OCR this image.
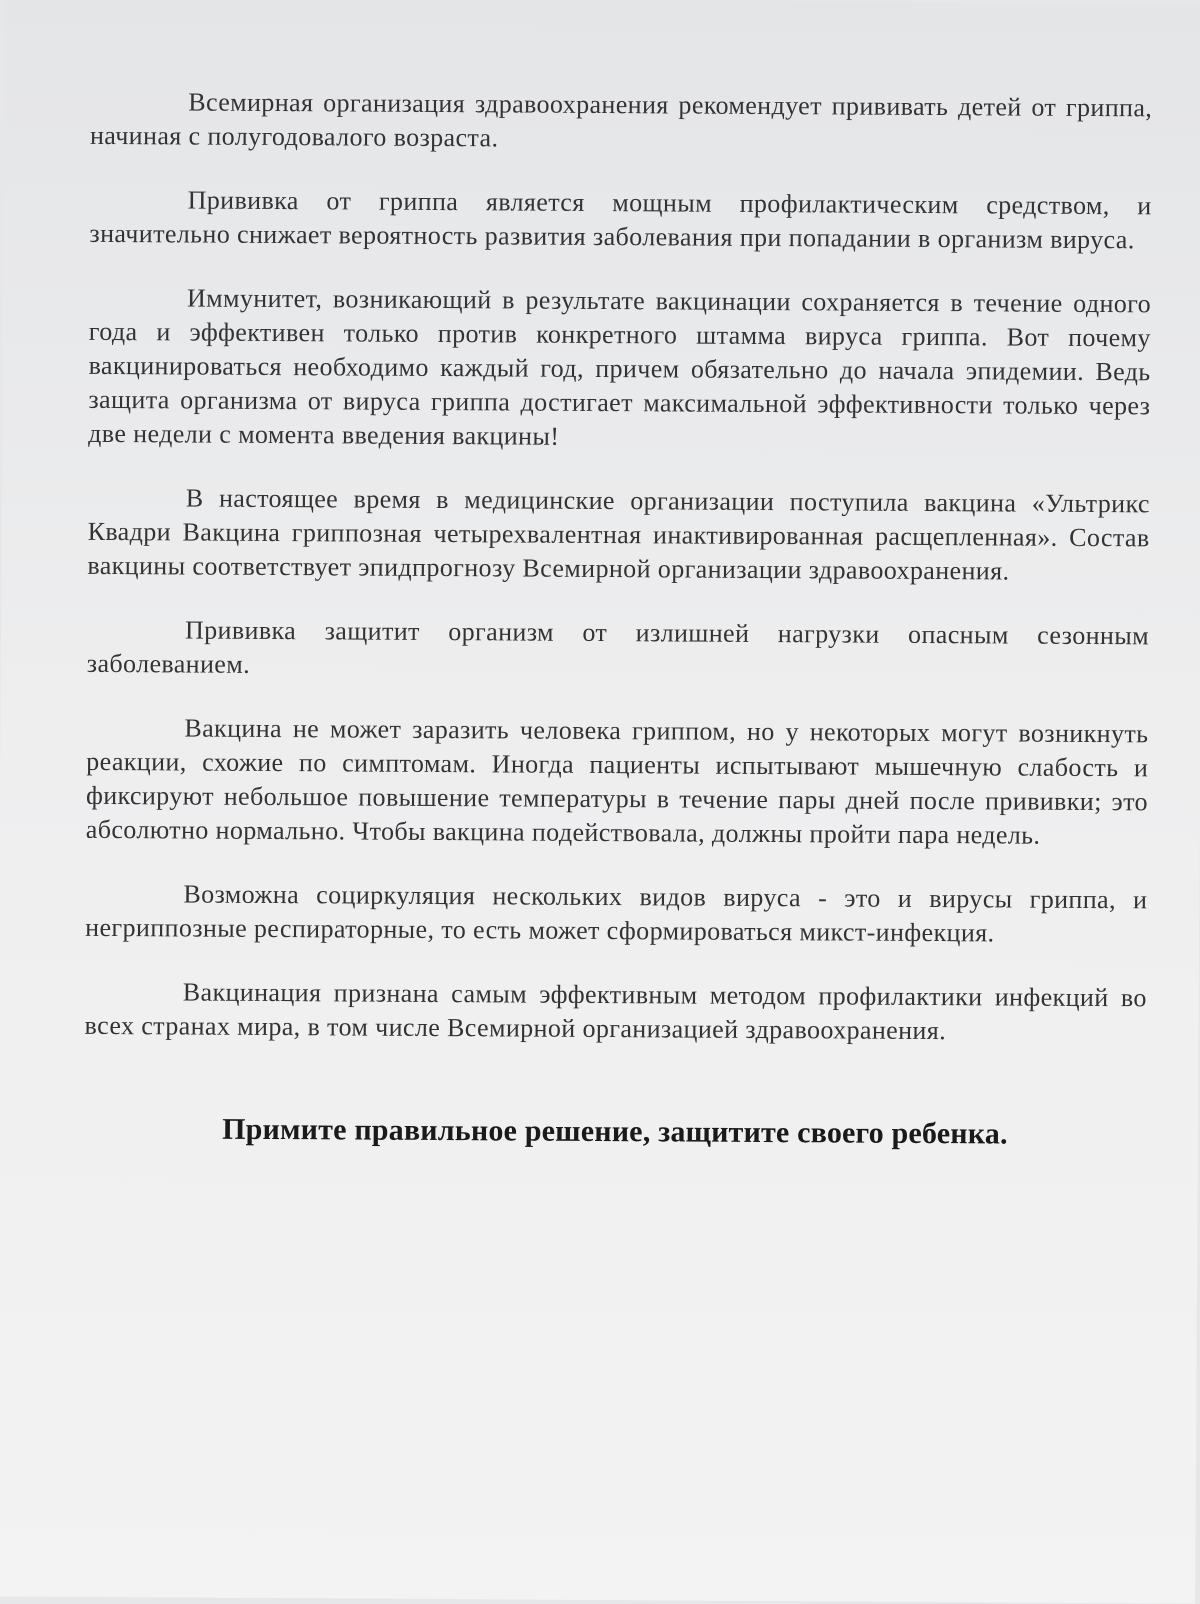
Всемирная организация здравоохранения рекомендует прививать детей от гриппа, начиная с полугодовалого возраста.

Прививка от гриппа является мощным профилактическим средством, и значительно снижает вероятность развития заболевания при попадании в организм вируса.

Иммунитет, возникающий в результате вакцинации сохраняется в течение одного года и эффективен только против конкретного штамма вируса гриппа. Вот почему вакцинироваться необходимо каждый год, причем обязательно до начала эпидемии. Ведь защита организма от вируса гриппа достигает максимальной эффективности только через две недели с момента введения вакцины!

В настоящее время в медицинские организации поступила вакцина «Ультрикс Квадри Вакцина гриппозная четырехвалентная инактивированная расщепленная». Состав вакцины соответствует эпидпрогнозу Всемирной организации здравоохранения.

Прививка защитит организм от излишней нагрузки опасным сезонным заболеванием.

Вакцина не может заразить человека гриппом, но у некоторых могут возникнуть реакции, схожие по симптомам. Иногда пациенты испытывают мышечную слабость и фиксируют небольшое повышение температуры в течение пары дней после прививки; это абсолютно нормально. Чтобы вакцина подействовала, должны пройти пара недель.

Возможна социркуляция нескольких видов вируса - это и вирусы гриппа, и негриппозные респираторные, то есть может сформироваться микст-инфекция.

Вакцинация признана самым эффективным методом профилактики инфекций во всех странах мира, в том числе Всемирной организацией здравоохранения.

Примите правильное решение, защитите своего ребенка.
